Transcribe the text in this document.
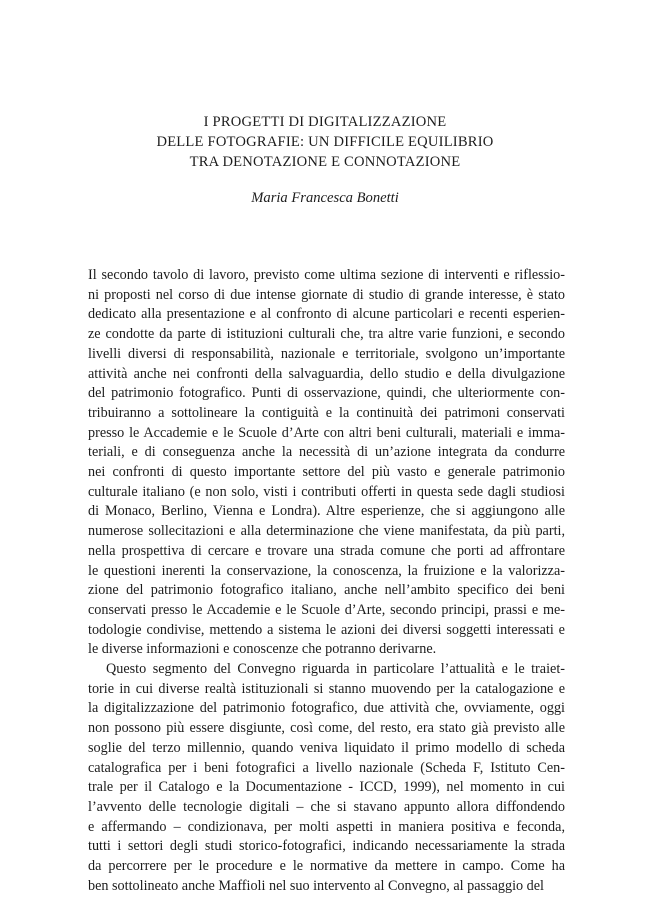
I PROGETTI DI DIGITALIZZAZIONE
DELLE FOTOGRAFIE: UN DIFFICILE EQUILIBRIO
TRA DENOTAZIONE E CONNOTAZIONE

Maria Francesca Bonetti

Il secondo tavolo di lavoro, previsto come ultima sezione di interventi e riflessio-
ni proposti nel corso di due intense giornate di studio di grande interesse, è stato
dedicato alla presentazione e al confronto di alcune particolari e recenti esperien-
ze condotte da parte di istituzioni culturali che, tra altre varie funzioni, e secondo
livelli diversi di responsabilità, nazionale e territoriale, svolgono un’importante
attività anche nei confronti della salvaguardia, dello studio e della divulgazione
del patrimonio fotografico. Punti di osservazione, quindi, che ulteriormente con-
tribuiranno a sottolineare la contiguità e la continuità dei patrimoni conservati
presso le Accademie e le Scuole d’Arte con altri beni culturali, materiali e imma-
teriali, e di conseguenza anche la necessità di un’azione integrata da condurre
nei confronti di questo importante settore del più vasto e generale patrimonio
culturale italiano (e non solo, visti i contributi offerti in questa sede dagli studiosi
di Monaco, Berlino, Vienna e Londra). Altre esperienze, che si aggiungono alle
numerose sollecitazioni e alla determinazione che viene manifestata, da più parti,
nella prospettiva di cercare e trovare una strada comune che porti ad affrontare
le questioni inerenti la conservazione, la conoscenza, la fruizione e la valorizza-
zione del patrimonio fotografico italiano, anche nell’ambito specifico dei beni
conservati presso le Accademie e le Scuole d’Arte, secondo principi, prassi e me-
todologie condivise, mettendo a sistema le azioni dei diversi soggetti interessati e
le diverse informazioni e conoscenze che potranno derivarne.

Questo segmento del Convegno riguarda in particolare l’attualità e le traiet-
torie in cui diverse realtà istituzionali si stanno muovendo per la catalogazione e
la digitalizzazione del patrimonio fotografico, due attività che, ovviamente, oggi
non possono più essere disgiunte, così come, del resto, era stato già previsto alle
soglie del terzo millennio, quando veniva liquidato il primo modello di scheda
catalografica per i beni fotografici a livello nazionale (Scheda F, Istituto Cen-
trale per il Catalogo e la Documentazione - ICCD, 1999), nel momento in cui
l’avvento delle tecnologie digitali – che si stavano appunto allora diffondendo
e affermando – condizionava, per molti aspetti in maniera positiva e feconda,
tutti i settori degli studi storico-fotografici, indicando necessariamente la strada
da percorrere per le procedure e le normative da mettere in campo. Come ha
ben sottolineato anche Maffioli nel suo intervento al Convegno, al passaggio del
